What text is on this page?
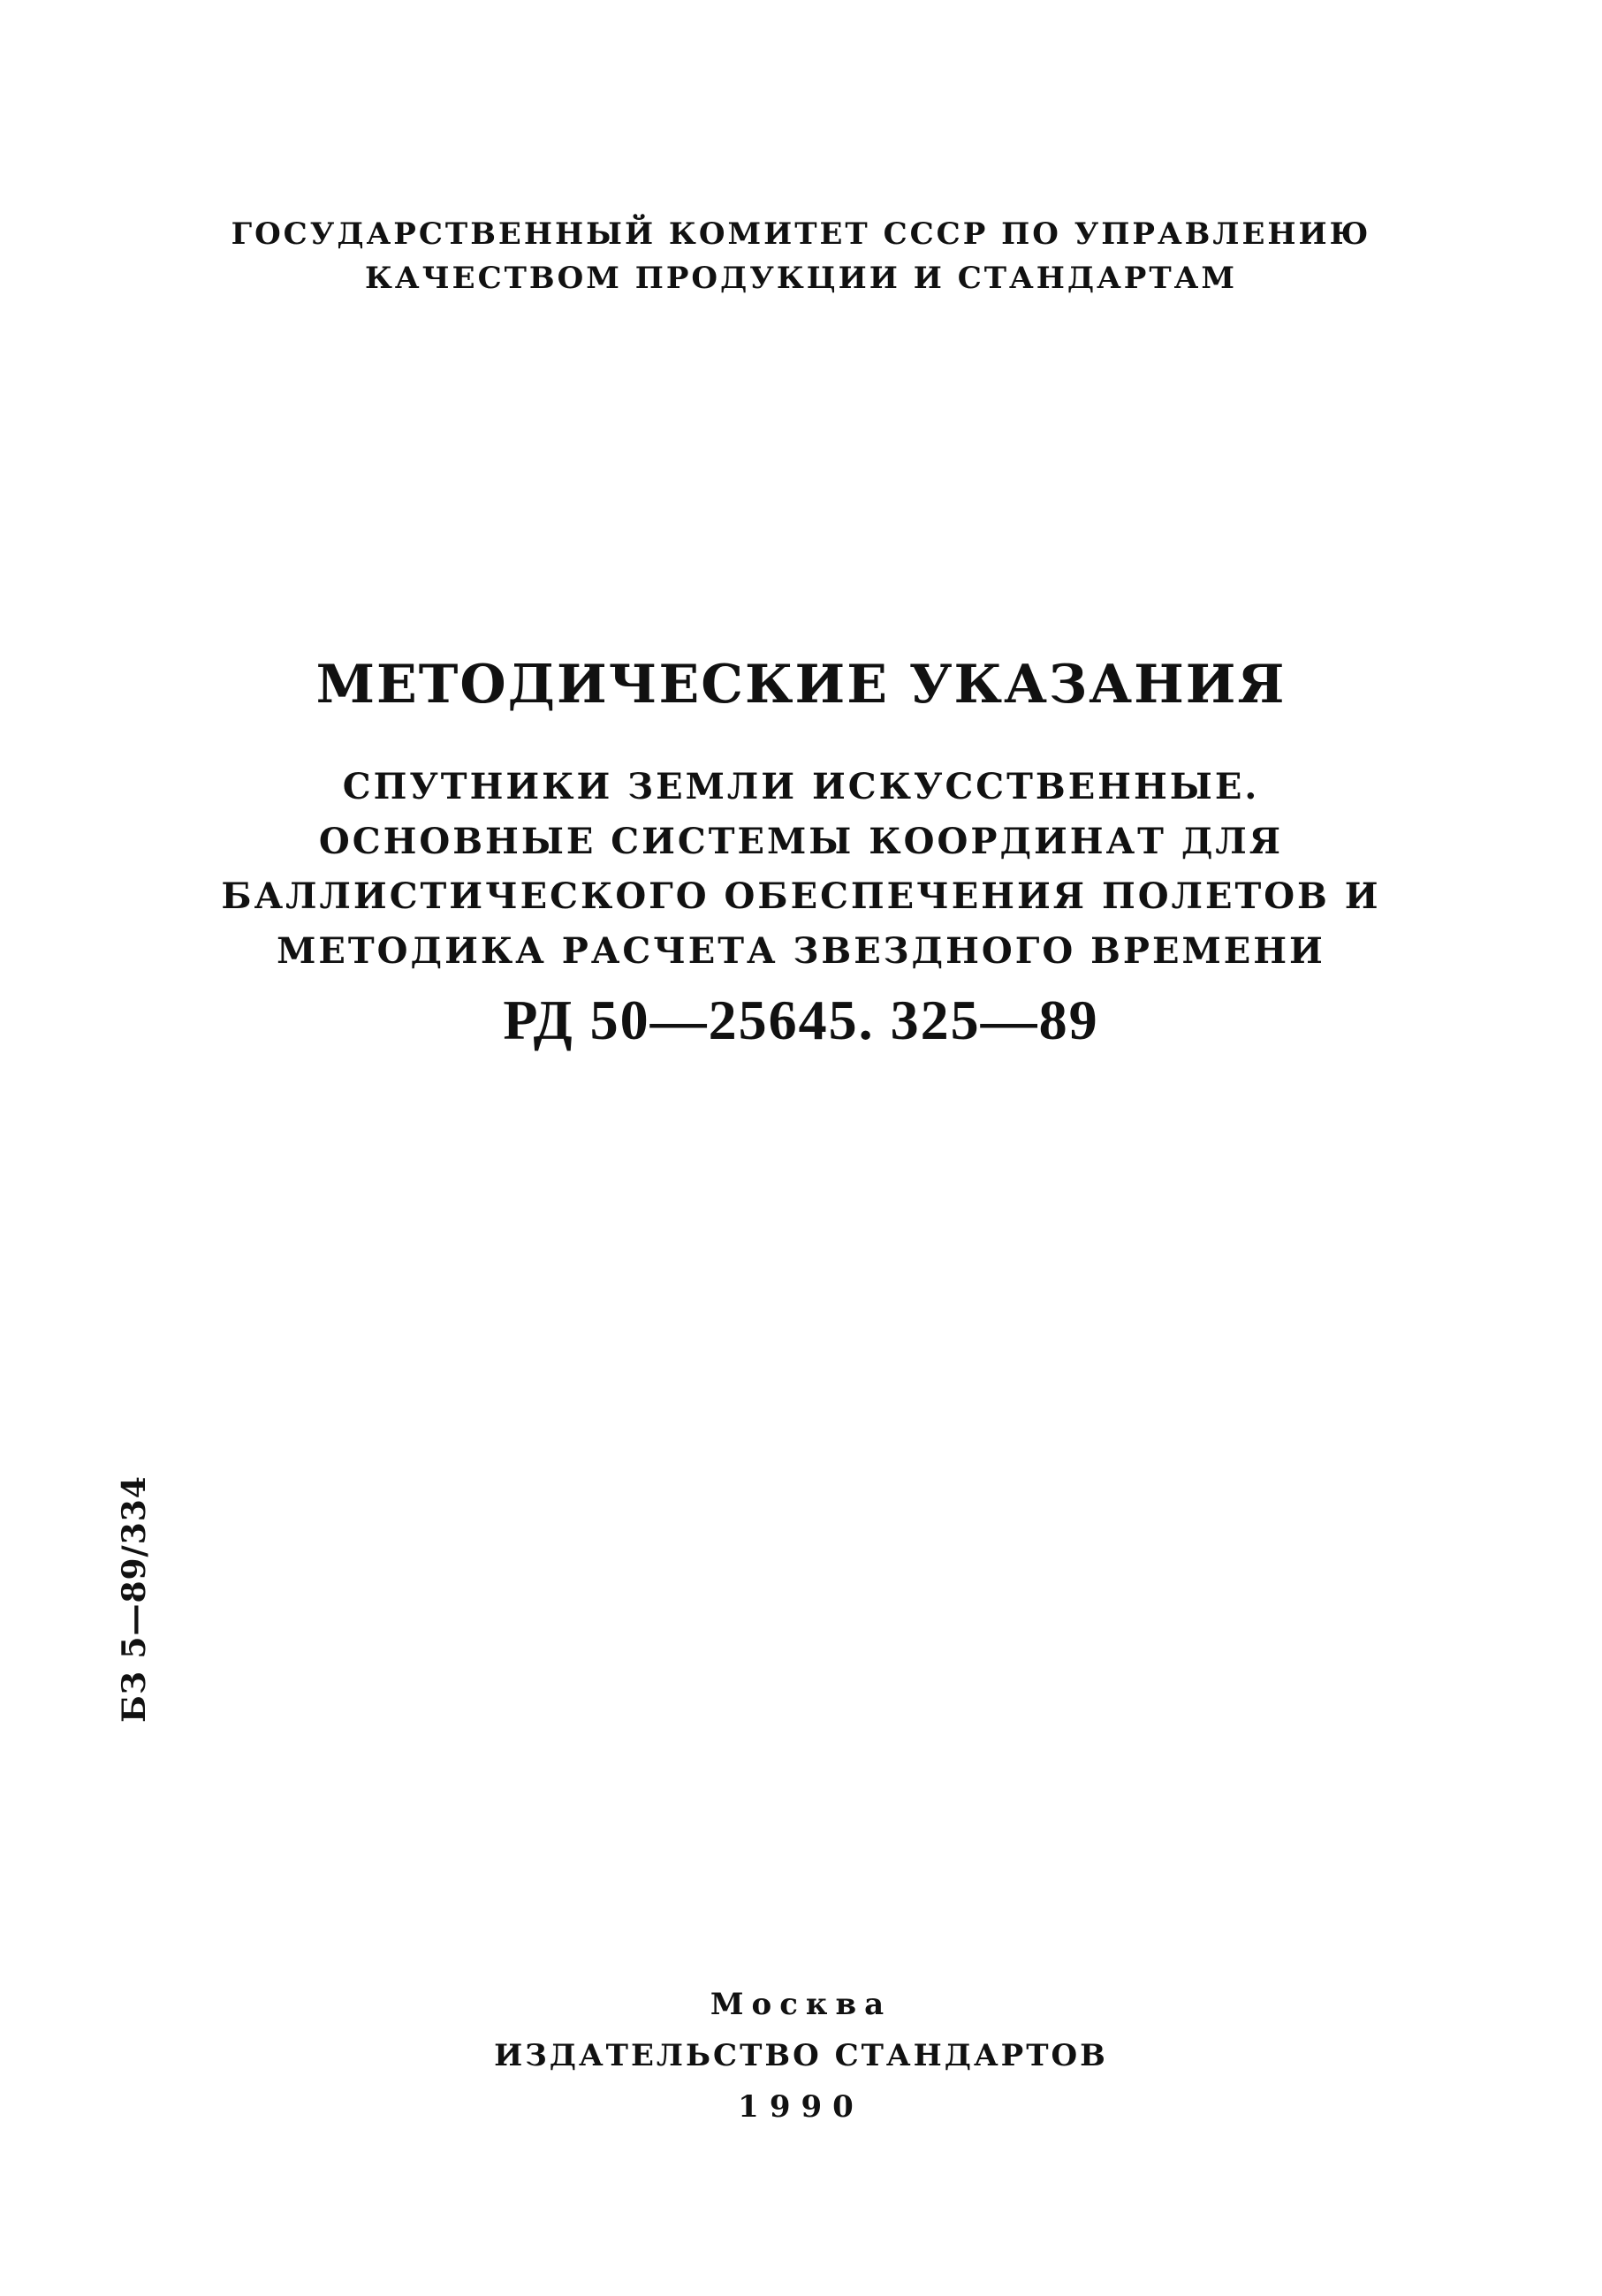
ГОСУДАРСТВЕННЫЙ КОМИТЕТ СССР ПО УПРАВЛЕНИЮ
КАЧЕСТВОМ ПРОДУКЦИИ И СТАНДАРТАМ
МЕТОДИЧЕСКИЕ УКАЗАНИЯ
СПУТНИКИ ЗЕМЛИ ИСКУССТВЕННЫЕ.
ОСНОВНЫЕ СИСТЕМЫ КООРДИНАТ ДЛЯ
БАЛЛИСТИЧЕСКОГО ОБЕСПЕЧЕНИЯ ПОЛЕТОВ И
МЕТОДИКА РАСЧЕТА ЗВЕЗДНОГО ВРЕМЕНИ
РД 50—25645. 325—89
БЗ 5—89/334
Москва
ИЗДАТЕЛЬСТВО СТАНДАРТОВ
1990
